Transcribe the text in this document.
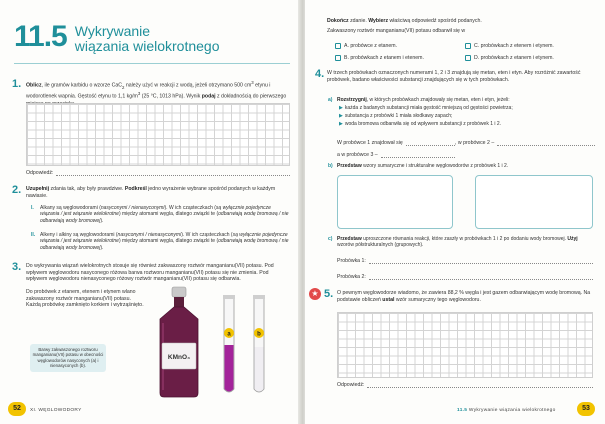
11.5 Wykrywanie
wiązania wielokrotnego
1. Oblicz, ile gramów karbidu o wzorze CaC$_2$ należy użyć w reakcji z wodą, jeżeli otrzymano 500 $cm^3$ etynu i wodorotlenek wapnia. Gęstość etynu to 1,1 $kg/m^3$ (25 °C, 1013 hPa). Wynik podaj z dokładnością do pierwszego
Odpowiedź:
2. Uzupełnij zdania tak, aby były prawdziwe. Podkreśl jedno wyrażenie wybrane spośród podanych w każdym nawiasie.
I. Alkany są węglowodorami (nasyconymi / nienasyconymi). W ich cząsteczkach (są wyłącznie pojedyncze wiązania / jest wiązanie wielokrotne) między atomami węgla, dlatego związki te (odbarwiają wodę bromową / nie odbarwiają wody bromowej).
II. Alkeny i alkiny są węglowodorami (nasyconymi / nienasyconymi). W ich cząsteczkach (są wyłącznie pojedyncze wiązania / jest wiązanie wielokrotne) między atomami węgla, dlatego związki te (odbarwiają wodę bromową / nie odbarwiają wody bromowej).
3. Do wykrywania wiązań wielokrotnych stosuje się również zakwaszony roztwór manganianu(VII) potasu. Pod wpływem węglowodoru nasyconego różowa barwa roztworu manganianu(VII) potasu się nie zmienia. Pod wpływem węglowodoru nienasyconego różowy roztwór manganianu(VII) potasu się odbarwia.
Do probówek z etanem, etenem i etynem wlano zakwaszony roztwór manganianu(VII) potasu. Każdą probówkę zamknięto korkiem i wytrząśnięto.
KMnO₄
a	b
Barwy zakwaszonego roztworu manganianu(VII) potasu w obecności węglowodorów nasyconych (a) i nienasyconych (b).
52	XI. WĘGLOWODORY
Dokończ zdanie. Wybierz właściwą odpowiedź spośród podanych.
Zakwaszony roztwór manganianu(VII) potasu odbarwił się w
A.
probówce z etanem.
B.
probówkach z etanem i etenem.
C.
probówkach z etenem i etynem.
D.
probówkach z etanem i etynem.
4. W trzech probówkach oznaczonych numerami 1, 2 i 3 znajdują się metan, eten i etyn. Aby rozróżnić zawartość probówek, badano właściwości substancji znajdujących się w tych probówkach.
a) Rozstrzygnij, w których probówkach znajdowały się metan, eten i etyn, jeżeli:
▶ każda z badanych substancji miała gęstość mniejszą od gęstości powietrza;
▶ substancja z probówki 1 miała słodkawy zapach;
▶ woda bromowa odbarwiła się od wpływem substancji z probówek 1 i 2.
W probówce 1 znajdował się	, w probówce 2 –
a w probówce 3 –
b) Przedstaw wzory sumaryczne i strukturalne węglowodorów z probówek 1 i 2.
c) Przedstaw uproszczone równania reakcji, które zaszły w probówkach 1 i 2 po dodaniu wody bromowej. Użyj wzorów półstrukturalnych (grupowych).
Probówka 1:
Probówka 2:
★ 5. O pewnym węglowodorze wiadomo, że zawiera 88,2 % węgla i jest gazem odbarwiającym wodę bromową. Na podstawie obliczeń ustal wzór sumaryczny tego węglowodoru.
Odpowiedź:
11.5 Wykrywanie wiązania wielokrotnego	53
